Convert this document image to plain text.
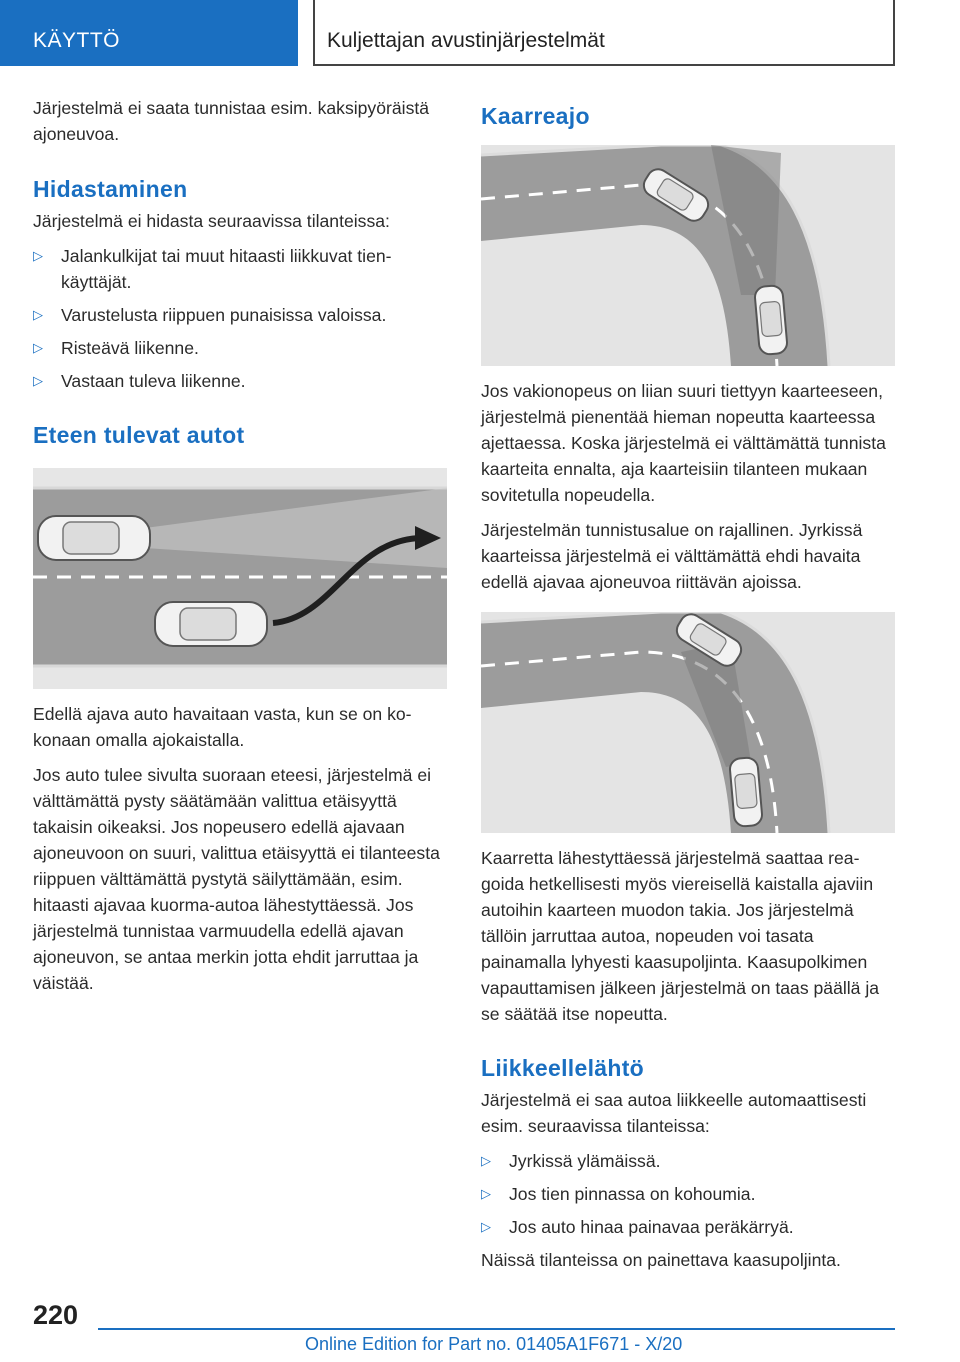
KÄYTTÖ	Kuljettajan avustinjärjestelmät

Järjestelmä ei saata tunnistaa esim. kaksipyöräistä ajoneuvoa.

Hidastaminen

Järjestelmä ei hidasta seuraavissa tilanteissa:

▷ Jalankulkijat tai muut hitaasti liikkuvat tienkäyttäjät.
▷ Varustelusta riippuen punaisissa valoissa.
▷ Risteävä liikenne.
▷ Vastaan tuleva liikenne.
Eteen tulevat autot

Edellä ajava auto havaitaan vasta, kun se on kokonaan omalla ajokaistalla.

Jos auto tulee sivulta suoraan eteesi, järjestelmä ei välttämättä pysty säätämään valittua etäisyyttä takaisin oikeaksi. Jos nopeusero edellä ajavaan ajoneuvoon on suuri, valittua etäisyyttä ei tilanteesta riippuen välttämättä pystytä säilyttämään, esim. hitaasti ajavaa kuorma-autoa lähestyttäessä. Jos järjestelmä tunnistaa varmuudella edellä ajavan ajoneuvon, se antaa merkin jotta ehdit jarruttaa ja väistää.

Kaarreajo

Jos vakionopeus on liian suuri tiettyyn kaarteeseen, järjestelmä pienentää hieman nopeutta kaarteessa ajettaessa. Koska järjestelmä ei välttämättä tunnista kaarteita ennalta, aja kaarteisiin tilanteen mukaan sovitetulla nopeudella.

Järjestelmän tunnistusalue on rajallinen. Jyrkissä kaarteissa järjestelmä ei välttämättä ehdi havaita edellä ajavaa ajoneuvoa riittävän ajoissa.

Kaarretta lähestyttäessä järjestelmä saattaa reagoida hetkellisesti myös viereisellä kaistalla ajaviin autoihin kaarteen muodon takia. Jos järjestelmä tällöin jarruttaa autoa, nopeuden voi tasata painamalla lyhyesti kaasupoljinta. Kaasupolkimen vapauttamisen jälkeen järjestelmä on taas päällä ja se säätää itse nopeutta.

Liikkeellelähtö

Järjestelmä ei saa autoa liikkeelle automaattisesti esim. seuraavissa tilanteissa:

▷ Jyrkissä ylämäissä.
▷ Jos tien pinnassa on kohoumia.
▷ Jos auto hinaa painavaa peräkärryä.

Näissä tilanteissa on painettava kaasupoljinta.

220
Online Edition for Part no. 01405A1F671 - X/20
